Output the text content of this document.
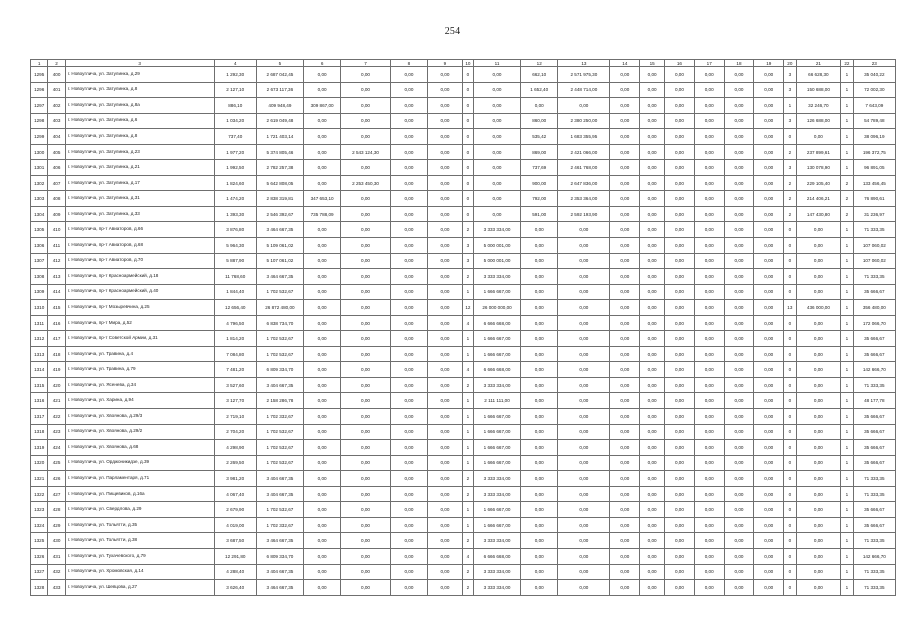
254
1	2	3	4	5	6	7	8	9	10	11	12	13	14	15	16	17	18	19	20	21	22	23
1295	400	г. Новоуглича, ул. Затулинка, д.29	1 292,30	2 687 042,45	0,00	0,00	0,00	0,00	0	0,00	662,10	2 571 975,30	0,00	0,00	0,00	0,00	0,00	0,00	3	66 628,30	1	35 040,22
1296	401	г. Новоуглича, ул. Затулинка, д.8	2 127,10	2 673 117,36	0,00	0,00	0,00	0,00	0	0,00	1 652,40	2 448 714,00	0,00	0,00	0,00	0,00	0,00	0,00	3	150 688,00	1	72 002,30
1297	402	г. Новоуглича, ул. Затулинка, д.8а	886,10	409 948,49	309 867,00	0,00	0,00	0,00	0	0,00	0,00	0,00	0,00	0,00	0,00	0,00	0,00	0,00	1	32 246,70	1	7 643,09
1298	403	г. Новоуглича, ул. Затулинка, д.6	1 034,20	2 619 049,48	0,00	0,00	0,00	0,00	0	0,00	860,00	2 380 250,00	0,00	0,00	0,00	0,00	0,00	0,00	3	126 688,00	1	54 789,48
1299	404	г. Новоуглича, ул. Затулинка, д.8	737,40	1 721 403,14	0,00	0,00	0,00	0,00	0	0,00	535,42	1 683 355,95	0,00	0,00	0,00	0,00	0,00	0,00	0	0,00	1	38 096,19
1300	405	г. Новоуглича, ул. Затулинка, д.23	1 977,20	5 374 805,46	0,00	2 543 124,30	0,00	0,00	0	0,00	869,00	2 421 066,00	0,00	0,00	0,00	0,00	0,00	0,00	2	237 899,61	1	196 372,75
1301	406	г. Новоуглича, ул. Затулинка, д.21	1 992,50	2 782 257,38	0,00	0,00	0,00	0,00	0	0,00	737,69	2 461 768,00	0,00	0,00	0,00	0,00	0,00	0,00	3	130 078,90	1	96 891,05
1302	407	г. Новоуглича, ул. Затулинка, д.17	1 824,60	5 642 808,05	0,00	2 253 450,30	0,00	0,00	0	0,00	900,00	2 647 836,00	0,00	0,00	0,00	0,00	0,00	0,00	2	229 105,40	2	133 456,45
1303	408	г. Новоуглича, ул. Затулинка, д.31	1 474,20	2 838 319,81	347 653,10	0,00	0,00	0,00	0	0,00	792,00	2 353 364,00	0,00	0,00	0,00	0,00	0,00	0,00	2	214 406,21	2	76 890,61
1304	409	г. Новоуглича, ул. Затулинка, д.33	1 393,30	2 546 392,67	735 788,09	0,00	0,00	0,00	0	0,00	591,00	2 592 193,90	0,00	0,00	0,00	0,00	0,00	0,00	2	147 430,80	2	31 236,97
1305	410	г. Новоуглича, пр-т Авиаторов, д.66	3 876,80	3 464 667,35	0,00	0,00	0,00	0,00	2	3 333 334,00	0,00	0,00	0,00	0,00	0,00	0,00	0,00	0,00	0	0,00	1	71 333,35
1306	411	г. Новоуглича, пр-т Авиаторов, д.68	5 964,30	5 109 061,02	0,00	0,00	0,00	0,00	3	5 000 001,00	0,00	0,00	0,00	0,00	0,00	0,00	0,00	0,00	0	0,00	1	107 060,02
1307	412	г. Новоуглича, пр-т Авиаторов, д.70	5 887,90	5 107 061,02	0,00	0,00	0,00	0,00	3	5 000 001,00	0,00	0,00	0,00	0,00	0,00	0,00	0,00	0,00	0	0,00	1	107 060,02
1308	413	г. Новоуглича, пр-т Красноармейский, д.18	11 768,60	3 464 667,35	0,00	0,00	0,00	0,00	2	3 333 334,00	0,00	0,00	0,00	0,00	0,00	0,00	0,00	0,00	0	0,00	1	71 333,35
1309	414	г. Новоуглича, пр-т Красноармейский, д.40	1 844,40	1 702 532,67	0,00	0,00	0,00	0,00	1	1 666 667,00	0,00	0,00	0,00	0,00	0,00	0,00	0,00	0,00	0	0,00	1	35 666,67
1310	415	г. Новоуглича, пр-т Мозыревчина, д.25	12 656,40	26 872 480,00	0,00	0,00	0,00	0,00	12	26 000 000,00	0,00	0,00	0,00	0,00	0,00	0,00	0,00	0,00	13	436 000,00	1	356 480,00
1311	416	г. Новоуглича, пр-т Мира, д.52	4 796,50	6 838 734,70	0,00	0,00	0,00	0,00	4	6 666 668,00	0,00	0,00	0,00	0,00	0,00	0,00	0,00	0,00	0	0,00	1	172 066,70
1312	417	г. Новоуглича, пр-т Советской Армии, д.31	1 814,20	1 702 532,67	0,00	0,00	0,00	0,00	1	1 666 667,00	0,00	0,00	0,00	0,00	0,00	0,00	0,00	0,00	0	0,00	1	35 666,67
1313	418	г. Новоуглича, ул. Травина, д.4	7 084,80	1 702 532,67	0,00	0,00	0,00	0,00	1	1 666 667,00	0,00	0,00	0,00	0,00	0,00	0,00	0,00	0,00	0	0,00	1	35 666,67
1314	419	г. Новоуглича, ул. Травина, д.79	7 481,20	6 809 334,70	0,00	0,00	0,00	0,00	4	6 666 668,00	0,00	0,00	0,00	0,00	0,00	0,00	0,00	0,00	0	0,00	1	142 666,70
1315	420	г. Новоуглича, ул. Ясенева, д.34	3 527,60	3 404 667,35	0,00	0,00	0,00	0,00	2	3 333 334,00	0,00	0,00	0,00	0,00	0,00	0,00	0,00	0,00	0	0,00	1	71 333,35
1316	421	г. Новоуглича, ул. Харина, д.94	3 127,70	2 158 286,78	0,00	0,00	0,00	0,00	1	2 111 111,00	0,00	0,00	0,00	0,00	0,00	0,00	0,00	0,00	0	0,00	1	48 177,78
1317	422	г. Новоуглича, ул. Хвоянова, д.29/3	2 719,10	1 702 332,67	0,00	0,00	0,00	0,00	1	1 666 667,00	0,00	0,00	0,00	0,00	0,00	0,00	0,00	0,00	0	0,00	1	35 666,67
1318	423	г. Новоуглича, ул. Хвоянова, д.29/2	2 704,20	1 702 532,67	0,00	0,00	0,00	0,00	1	1 666 667,00	0,00	0,00	0,00	0,00	0,00	0,00	0,00	0,00	0	0,00	1	35 666,67
1319	424	г. Новоуглича, ул. Хвоянова, д.68	4 298,90	1 702 532,67	0,00	0,00	0,00	0,00	1	1 666 667,00	0,00	0,00	0,00	0,00	0,00	0,00	0,00	0,00	0	0,00	1	35 666,67
1320	425	г. Новоуглича, ул. Орджоникидзе, д.39	2 269,50	1 702 532,67	0,00	0,00	0,00	0,00	1	1 666 667,00	0,00	0,00	0,00	0,00	0,00	0,00	0,00	0,00	0	0,00	1	35 666,67
1321	426	г. Новоуглича, ул. Парламентаря, д.71	3 981,20	3 404 667,35	0,00	0,00	0,00	0,00	2	3 333 334,00	0,00	0,00	0,00	0,00	0,00	0,00	0,00	0,00	0	0,00	1	71 333,35
1322	427	г. Новоуглича, ул. Пищевиков, д.16а	4 067,40	3 404 667,35	0,00	0,00	0,00	0,00	2	3 333 334,00	0,00	0,00	0,00	0,00	0,00	0,00	0,00	0,00	0	0,00	1	71 333,35
1323	428	г. Новоуглича, ул. Свердлова, д.29	2 679,90	1 702 532,67	0,00	0,00	0,00	0,00	1	1 666 667,00	0,00	0,00	0,00	0,00	0,00	0,00	0,00	0,00	0	0,00	1	35 666,67
1324	429	г. Новоуглича, ул. Тольятти, д.35	4 019,00	1 702 332,67	0,00	0,00	0,00	0,00	1	1 666 667,00	0,00	0,00	0,00	0,00	0,00	0,00	0,00	0,00	0	0,00	1	35 666,67
1325	430	г. Новоуглича, ул. Тольятти, д.38	3 687,50	3 464 667,35	0,00	0,00	0,00	0,00	2	3 333 334,00	0,00	0,00	0,00	0,00	0,00	0,00	0,00	0,00	0	0,00	1	71 333,35
1326	431	г. Новоуглича, ул. Тухачевского, д.79	12 291,80	6 809 334,70	0,00	0,00	0,00	0,00	4	6 666 668,00	0,00	0,00	0,00	0,00	0,00	0,00	0,00	0,00	0	0,00	1	142 666,70
1327	432	г. Новоуглича, ул. Хромовская, д.14	4 288,40	3 404 667,35	0,00	0,00	0,00	0,00	2	3 333 334,00	0,00	0,00	0,00	0,00	0,00	0,00	0,00	0,00	0	0,00	1	71 333,35
1328	433	г. Новоуглича, ул. Шевцова, д.27	3 626,40	3 464 667,35	0,00	0,00	0,00	0,00	2	3 333 334,00	0,00	0,00	0,00	0,00	0,00	0,00	0,00	0,00	0	0,00	1	71 333,35
